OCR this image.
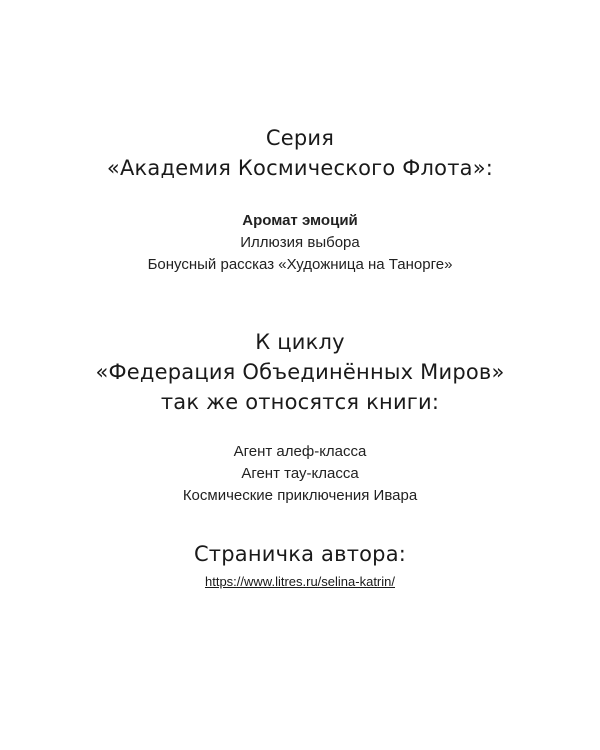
Серия

«Академия Космического Флота»:

Аромат эмоций

Иллюзия выбора

Бонусный рассказ «Художница на Танорге»

К циклу

«Федерация Объединённых Миров»

так же относятся книги:

Агент алеф-класса

Агент тау-класса

Космические приключения Ивара

Страничка автора:

https://www.litres.ru/selina-katrin/
